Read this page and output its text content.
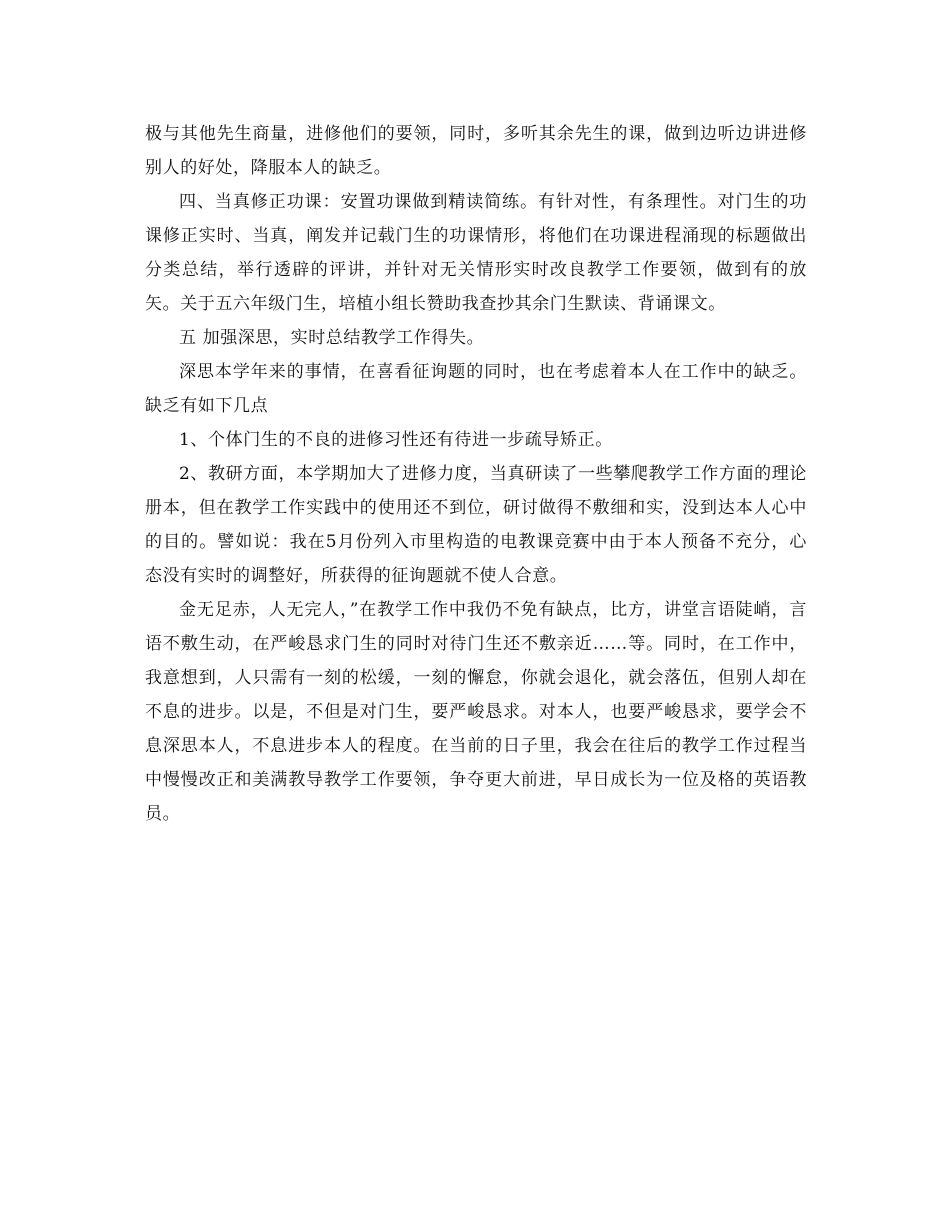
极与其他先生商量，进修他们的要领，同时，多听其余先生的课，做到边听边讲进修别人的好处，降服本人的缺乏。

四、当真修正功课：安置功课做到精读简练。有针对性，有条理性。对门生的功课修正实时、当真，阐发并记载门生的功课情形，将他们在功课进程涌现的标题做出分类总结，举行透辟的评讲，并针对无关情形实时改良教学工作要领，做到有的放矢。关于五六年级门生，培植小组长赞助我查抄其余门生默读、背诵课文。

五 加强深思，实时总结教学工作得失。

深思本学年来的事情，在喜看征询题的同时，也在考虑着本人在工作中的缺乏。缺乏有如下几点

1、个体门生的不良的进修习性还有待进一步疏导矫正。

2、教研方面，本学期加大了进修力度，当真研读了一些攀爬教学工作方面的理论册本，但在教学工作实践中的使用还不到位，研讨做得不敷细和实，没到达本人心中的目的。譬如说：我在5月份列入市里构造的电教课竞赛中由于本人预备不充分，心态没有实时的调整好，所获得的征询题就不使人合意。

金无足赤，人无完人，”在教学工作中我仍不免有缺点，比方，讲堂言语陡峭，言语不敷生动，在严峻恳求门生的同时对待门生还不敷亲近……等。同时，在工作中，我意想到，人只需有一刻的松缓，一刻的懈怠，你就会退化，就会落伍，但别人却在不息的进步。以是，不但是对门生，要严峻恳求。对本人，也要严峻恳求，要学会不息深思本人，不息进步本人的程度。在当前的日子里，我会在往后的教学工作过程当中慢慢改正和美满教导教学工作要领，争夺更大前进，早日成长为一位及格的英语教员。
